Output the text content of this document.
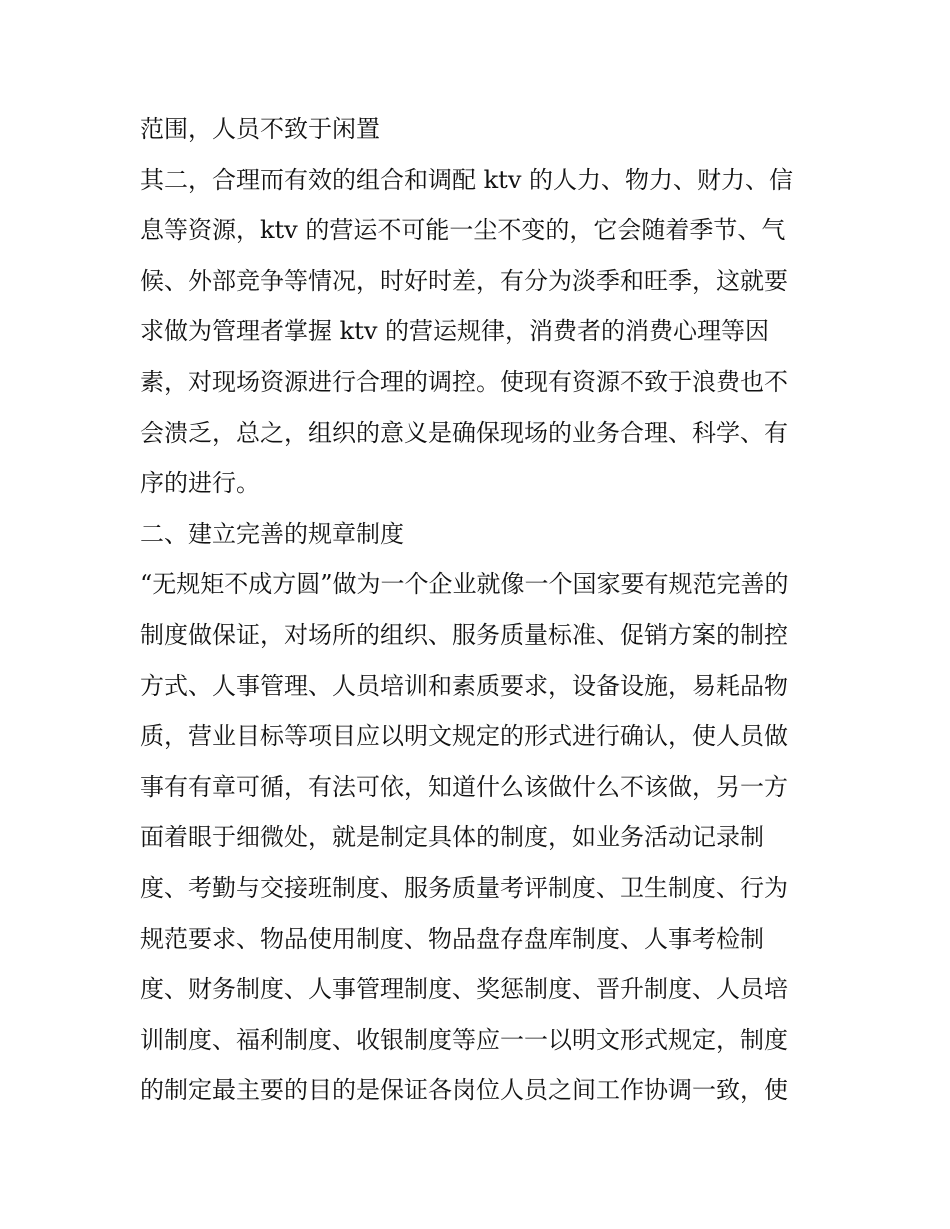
范围，人员不致于闲置
其二，合理而有效的组合和调配 ktv 的人力、物力、财力、信
息等资源，ktv 的营运不可能一尘不变的，它会随着季节、气
候、外部竞争等情况，时好时差，有分为淡季和旺季，这就要
求做为管理者掌握 ktv 的营运规律，消费者的消费心理等因
素，对现场资源进行合理的调控。使现有资源不致于浪费也不
会溃乏，总之，组织的意义是确保现场的业务合理、科学、有
序的进行。
二、建立完善的规章制度
“无规矩不成方圆”做为一个企业就像一个国家要有规范完善的
制度做保证，对场所的组织、服务质量标准、促销方案的制控
方式、人事管理、人员培训和素质要求，设备设施，易耗品物
质，营业目标等项目应以明文规定的形式进行确认，使人员做
事有有章可循，有法可依，知道什么该做什么不该做，另一方
面着眼于细微处，就是制定具体的制度，如业务活动记录制
度、考勤与交接班制度、服务质量考评制度、卫生制度、行为
规范要求、物品使用制度、物品盘存盘库制度、人事考检制
度、财务制度、人事管理制度、奖惩制度、晋升制度、人员培
训制度、福利制度、收银制度等应一一以明文形式规定，制度
的制定最主要的目的是保证各岗位人员之间工作协调一致，使
